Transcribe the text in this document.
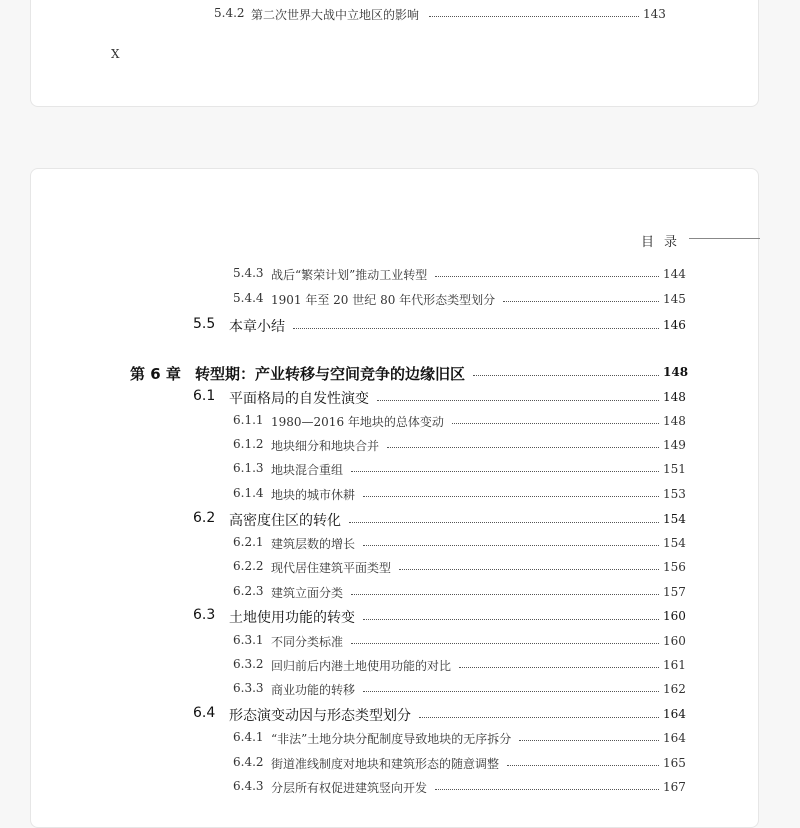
5.4.2 第二次世界大战中立地区的影响	143
X
目录
5.4.3 战后“繁荣计划”推动工业转型	144
5.4.4 1901 年至 20 世纪 80 年代形态类型划分	145
5.5 本章小结	146
第 6 章 转型期：产业转移与空间竞争的边缘旧区	148
6.1 平面格局的自发性演变	148
6.1.1 1980—2016 年地块的总体变动	148
6.1.2 地块细分和地块合并	149
6.1.3 地块混合重组	151
6.1.4 地块的城市休耕	153
6.2 高密度住区的转化	154
6.2.1 建筑层数的增长	154
6.2.2 现代居住建筑平面类型	156
6.2.3 建筑立面分类	157
6.3 土地使用功能的转变	160
6.3.1 不同分类标准	160
6.3.2 回归前后内港土地使用功能的对比	161
6.3.3 商业功能的转移	162
6.4 形态演变动因与形态类型划分	164
6.4.1 “非法”土地分块分配制度导致地块的无序拆分	164
6.4.2 街道准线制度对地块和建筑形态的随意调整	165
6.4.3 分层所有权促进建筑竖向开发	167
